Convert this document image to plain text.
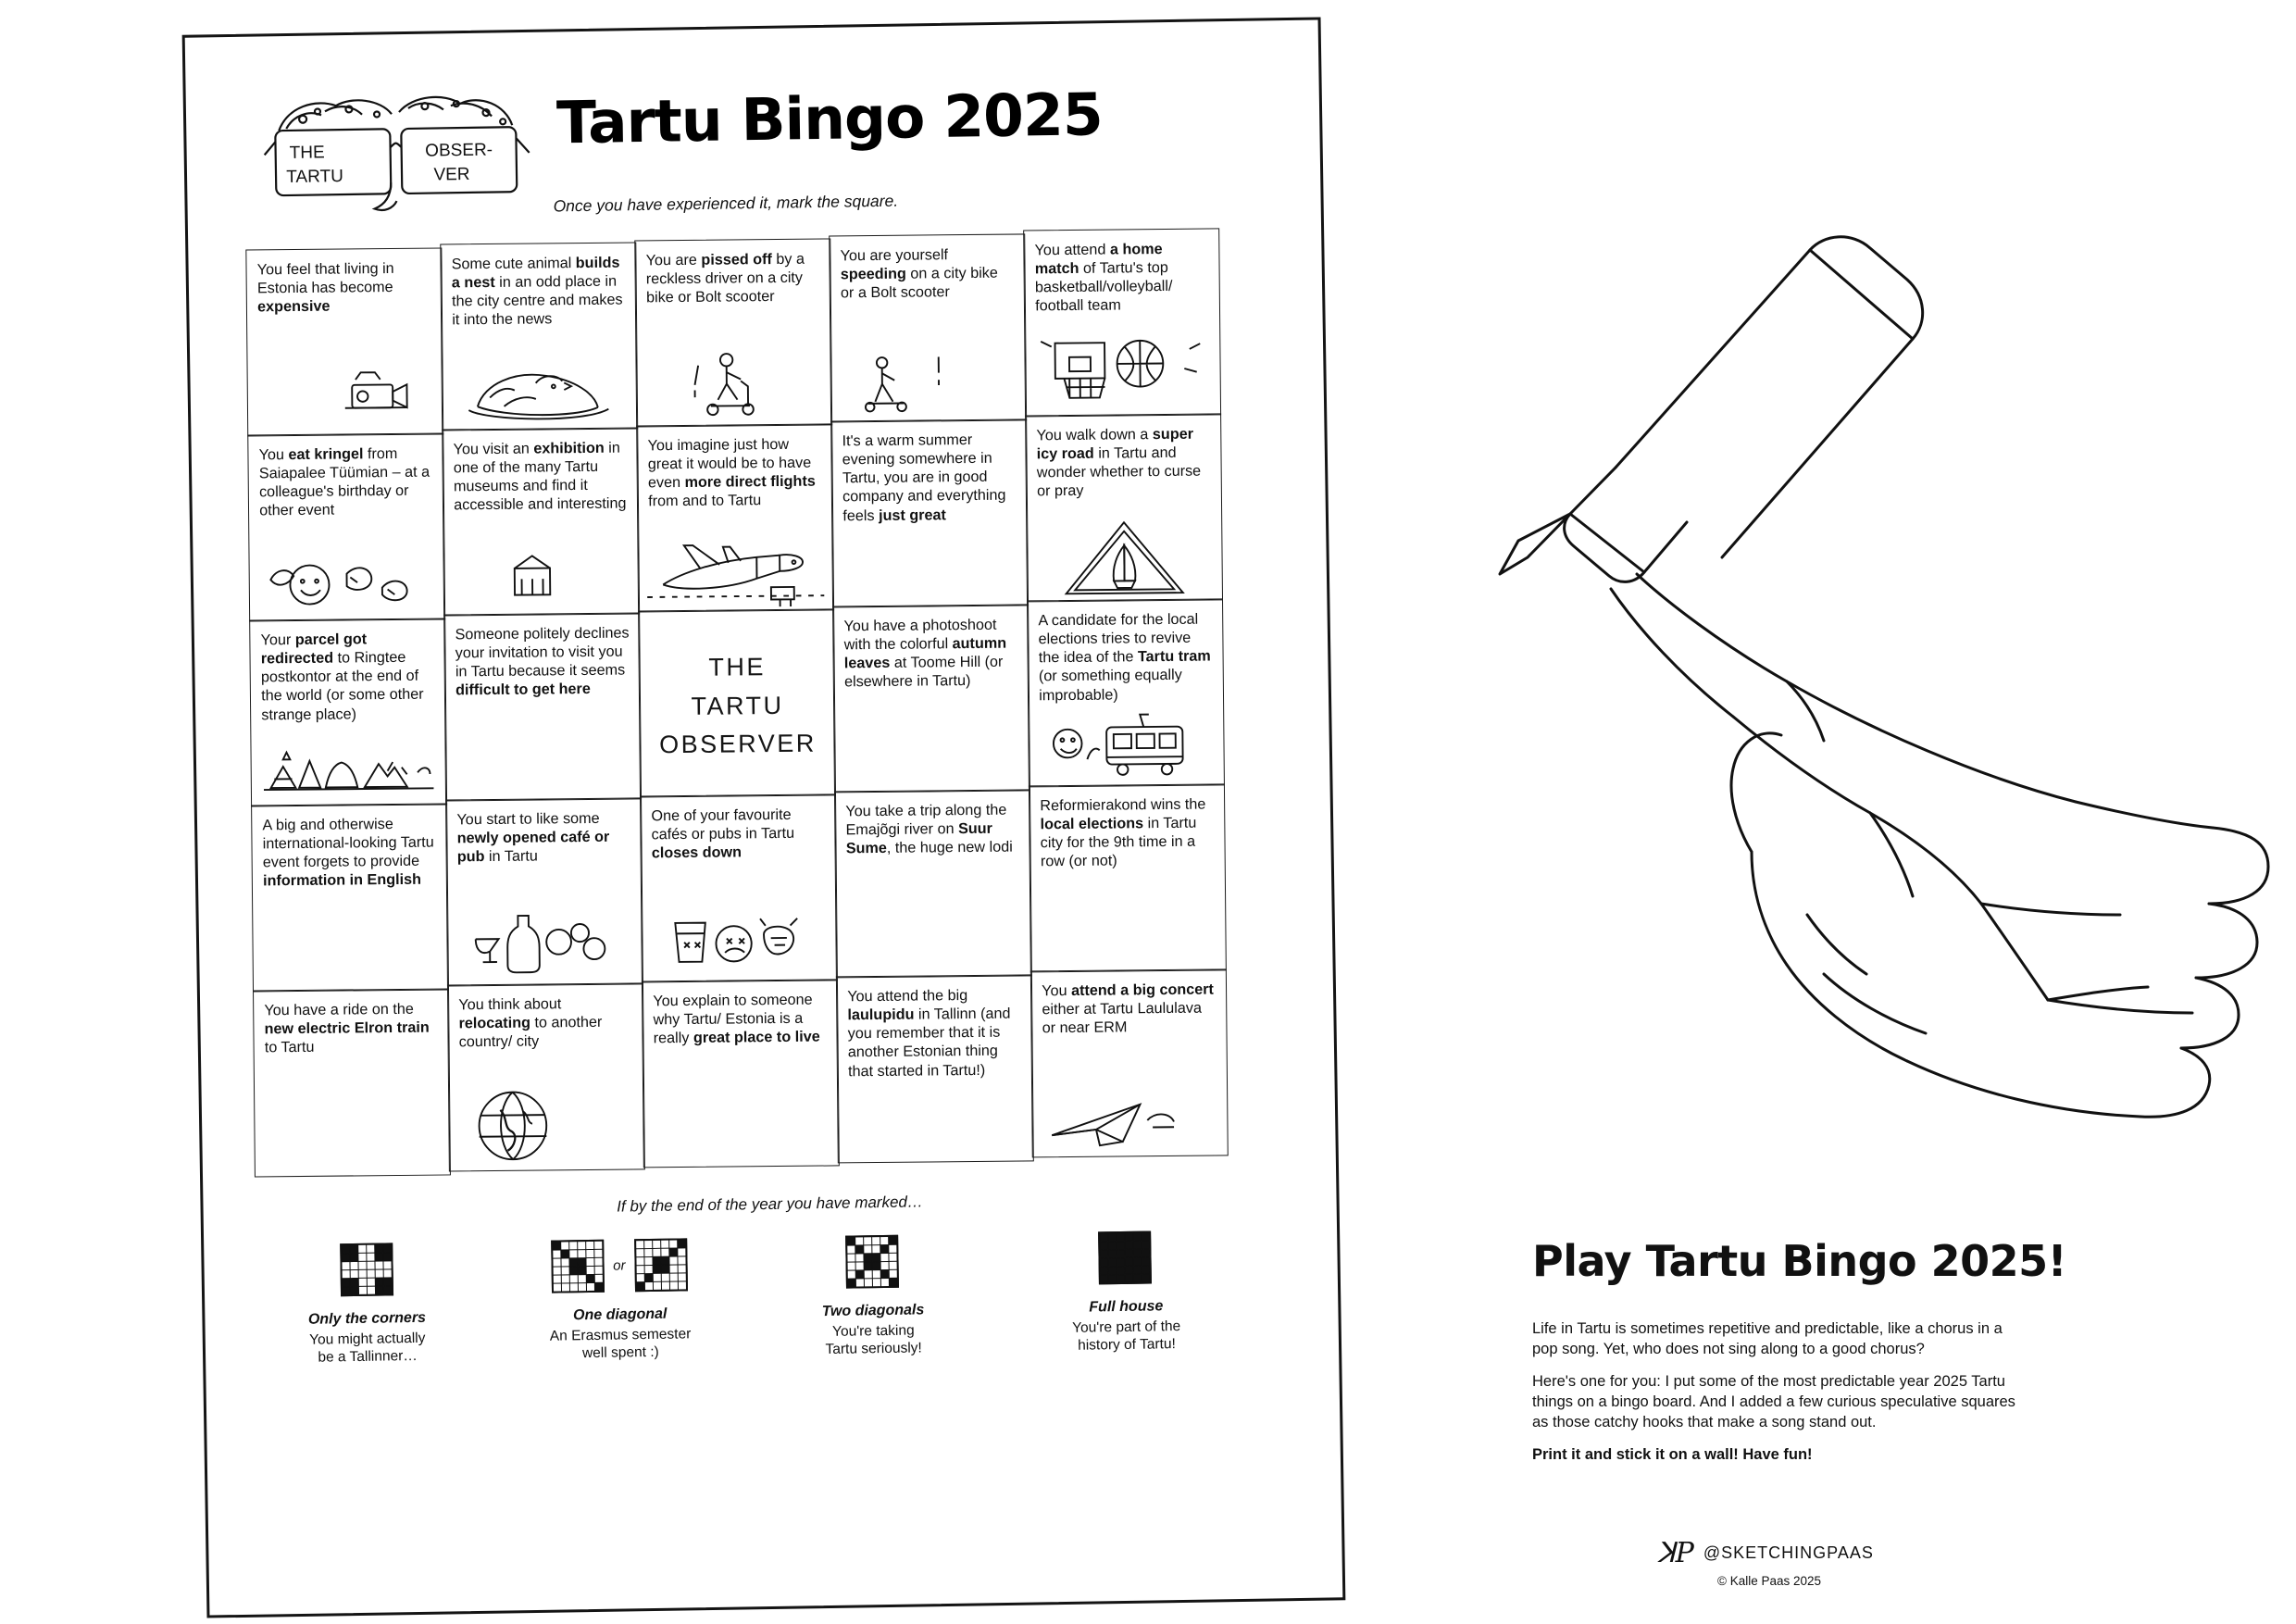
THE
TARTU
OBSER-
VER
Tartu Bingo 2025
Once you have experienced it, mark the square.
You feel that living in Estonia has become expensive
Some cute animal builds a nest in an odd place in the city centre and makes it into the news
You are pissed off by a reckless driver on a city bike or Bolt scooter
You are yourself speeding on a city bike or a Bolt scooter
You attend a home match of Tartu's top basketball/volleyball/ football team
You eat kringel from Saiapalee Tüümian – at a colleague's birthday or other event
You visit an exhibition in one of the many Tartu museums and find it accessible and interesting
You imagine just how great it would be to have even more direct flights from and to Tartu
It's a warm summer evening somewhere in Tartu, you are in good company and everything feels just great
You walk down a super icy road in Tartu and wonder whether to curse or pray
Your parcel got redirected to Ringtee postkontor at the end of the world (or some other strange place)
Someone politely declines your invitation to visit you in Tartu because it seems difficult to get here
THE
TARTU
OBSERVER
You have a photoshoot with the colorful autumn leaves at Toome Hill (or elsewhere in Tartu)
A candidate for the local elections tries to revive the idea of the Tartu tram (or something equally improbable)
A big and otherwise international-looking Tartu event forgets to provide information in English
You start to like some newly opened café or pub in Tartu
One of your favourite cafés or pubs in Tartu closes down
You take a trip along the Emajõgi river on Suur Sume, the huge new lodi
Reformierakond wins the local elections in Tartu city for the 9th time in a row (or not)
You have a ride on the new electric Elron train to Tartu
You think about relocating to another country/ city
You explain to someone why Tartu/ Estonia is a really great place to live
You attend the big laulupidu in Tallinn (and you remember that it is another Estonian thing that started in Tartu!)
You attend a big concert either at Tartu Laululava or near ERM
If by the end of the year you have marked…
Only the corners
You might actually
be a Tallinner…
or
One diagonal
An Erasmus semester
well spent :)
Two diagonals
You're taking
Tartu seriously!
Full house
You're part of the
history of Tartu!
Play Tartu Bingo 2025!

Life in Tartu is sometimes repetitive and predictable, like a chorus in a pop song. Yet, who does not sing along to a good chorus?

Here's one for you: I put some of the most predictable year 2025 Tartu things on a bingo board. And I added a few curious speculative squares as those catchy hooks that make a song stand out.

Print it and stick it on a wall! Have fun!

ꓘP @SKETCHINGPAAS
© Kalle Paas 2025
